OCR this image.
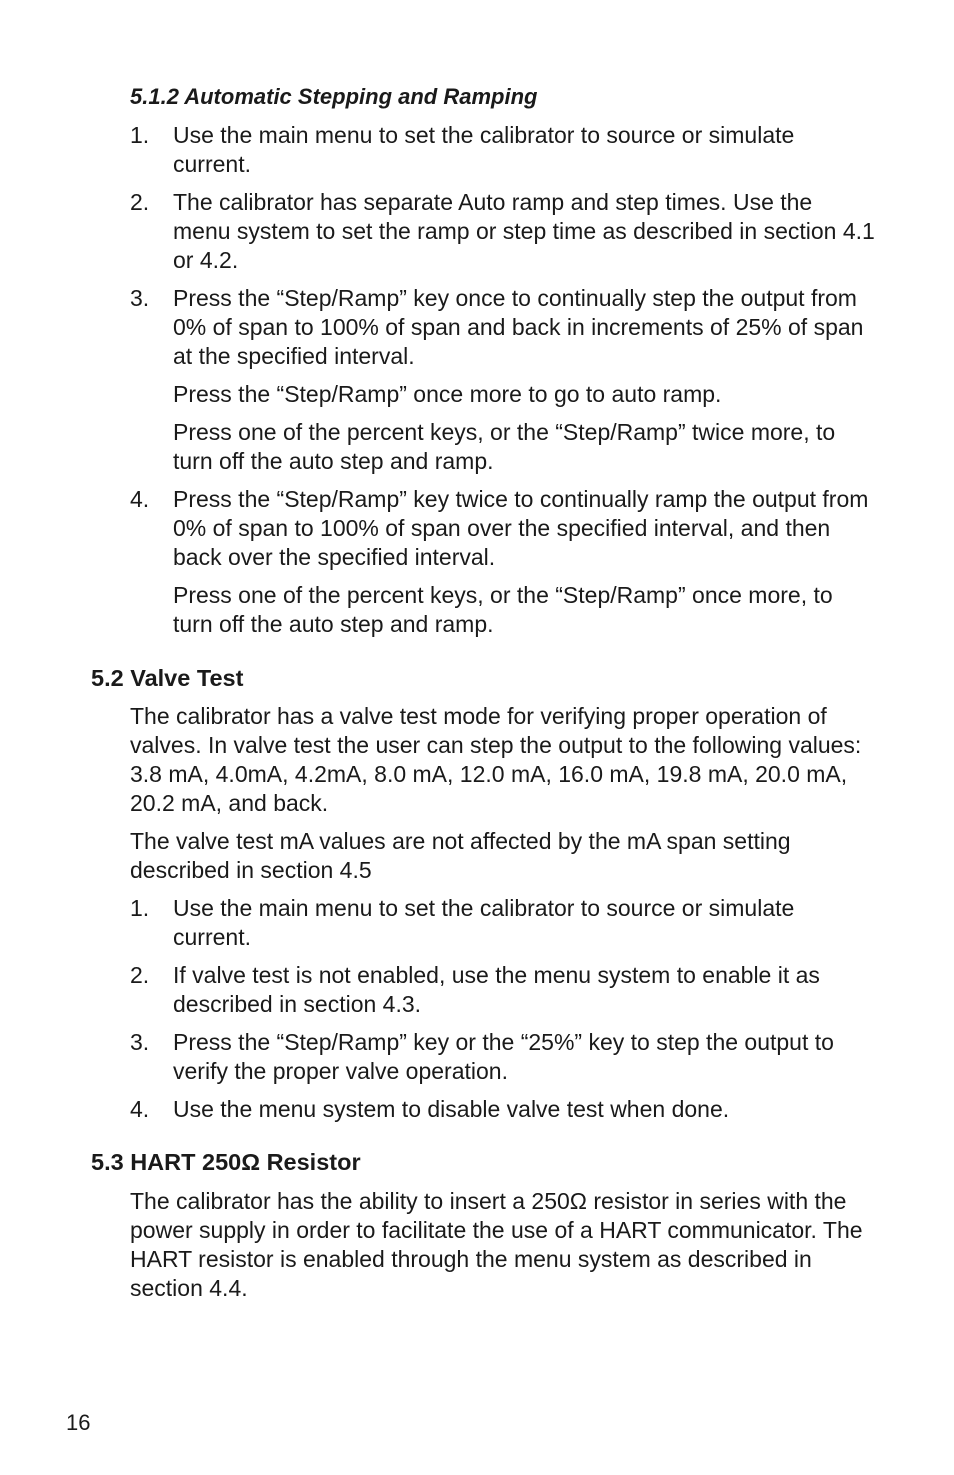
5.1.2 Automatic Stepping and Ramping
1. Use the main menu to set the calibrator to source or simulate current.
2. The calibrator has separate Auto ramp and step times. Use the menu system to set the ramp or step time as described in section 4.1 or 4.2.
3. Press the “Step/Ramp” key once to continually step the output from 0% of span to 100% of span and back in increments of 25% of span at the specified interval.

Press the “Step/Ramp” once more to go to auto ramp.

Press one of the percent keys, or the “Step/Ramp” twice more, to turn off the auto step and ramp.

4. Press the “Step/Ramp” key twice to continually ramp the output from 0% of span to 100% of span over the specified interval, and then back over the specified interval.

Press one of the percent keys, or the “Step/Ramp” once more, to turn off the auto step and ramp.

5.2 Valve Test

The calibrator has a valve test mode for verifying proper operation of valves. In valve test the user can step the output to the following values: 3.8 mA, 4.0mA, 4.2mA, 8.0 mA, 12.0 mA, 16.0 mA, 19.8 mA, 20.0 mA, 20.2 mA, and back.

The valve test mA values are not affected by the mA span setting described in section 4.5

1. Use the main menu to set the calibrator to source or simulate current.
2. If valve test is not enabled, use the menu system to enable it as described in section 4.3.
3. Press the “Step/Ramp” key or the “25%” key to step the output to verify the proper valve operation.
4. Use the menu system to disable valve test when done.
5.3 HART 250Ω Resistor

The calibrator has the ability to insert a 250Ω resistor in series with the power supply in order to facilitate the use of a HART communicator. The HART resistor is enabled through the menu system as described in section 4.4.

16
